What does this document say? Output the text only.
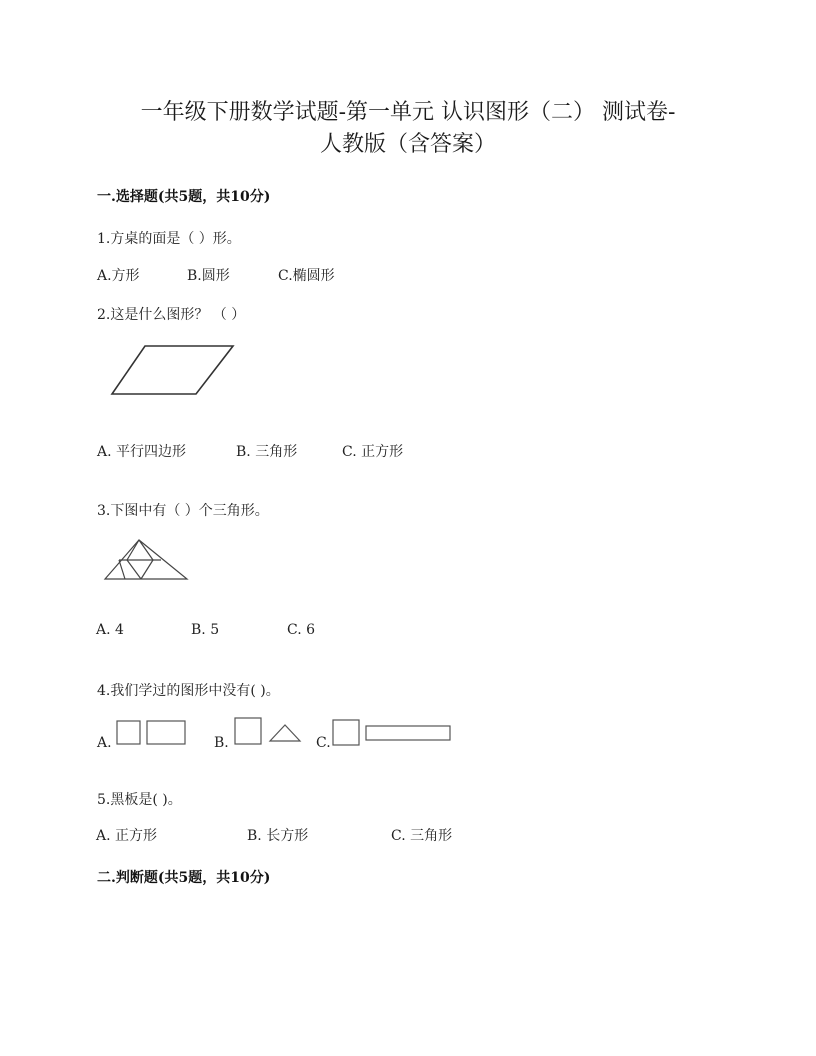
一年级下册数学试题-第一单元 认识图形（二） 测试卷-
人教版（含答案）
一.选择题(共5题，共10分)
1.方桌的面是（ ）形。
A.方形	B.圆形	C.椭圆形
2.这是什么图形？ （ ）
A. 平行四边形	B. 三角形	C. 正方形
3.下图中有（ ）个三角形。
A. 4	B. 5	C. 6
4.我们学过的图形中没有( )。
A.	B.	C.
5.黑板是( )。
A. 正方形	B. 长方形	C. 三角形
二.判断题(共5题，共10分)
